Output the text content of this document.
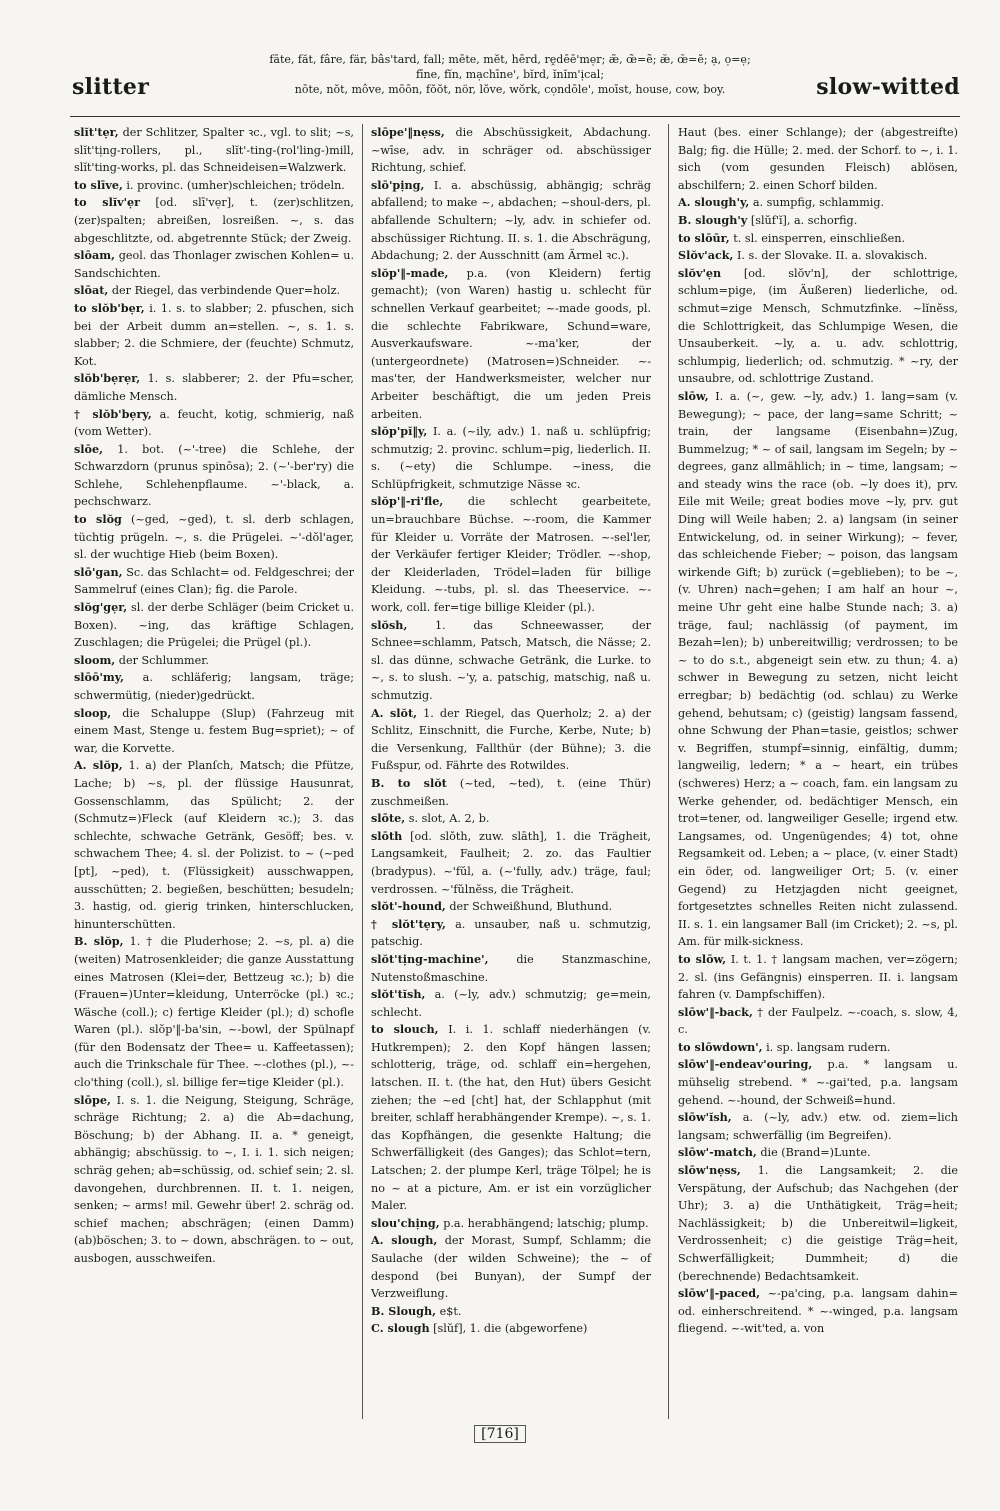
slitter
fāte, făt, fâre, fär, bâs'tard, fall; mēte, mĕt, hērd, rḙdēē'mẹr; æ̃, œ̃=ẽ; æ̆, œ̆=ĕ; ạ, ọ=ẹ;
fīne, fĭn, mạchīne', bĭrd, ĭnĭm'ịcal;
nōte, nŏt, môve, mōōn, fŏŏt, nör, lŏve, wŏrk, cọndōle', moīst, house, cow, boy.	slow-witted
slĭt'tẹr, der Schlitzer, Spalter ꝛc., vgl. to slit; ~s, slĭt'tịng-rollers, pl., slĭt'-ting-(rol'ling-)mill, slĭt'ting-works, pl. das Schneideisen=Walzwerk.
to slīve, i. provinc. (umher)schleichen; trödeln.
to slĭv'ẹr [od. slī'vẹr], t. (zer)schlitzen, (zer)spalten; abreißen, losreißen. ~, s. das abgeschlitzte, od. abgetrennte Stück; der Zweig.
slōam, geol. das Thonlager zwischen Kohlen= u. Sandschichten.
slōat, der Riegel, das verbindende Quer=holz.
to slŏb'bẹr, i. 1. s. to slabber; 2. pfuschen, sich bei der Arbeit dumm an=stellen. ~, s. 1. s. slabber; 2. die Schmiere, der (feuchte) Schmutz, Kot.
slŏb'bẹrẹr, 1. s. slabberer; 2. der Pfu=scher, dämliche Mensch.
† slŏb'bẹry, a. feucht, kotig, schmierig, naß (vom Wetter).
slōe, 1. bot. (~'-tree) die Schlehe, der Schwarzdorn (prunus spinōsa); 2. (~'-ber'ry) die Schlehe, Schlehenpflaume. ~'-black, a. pechschwarz.
to slŏg (~ged, ~ged), t. sl. derb schlagen, tüchtig prügeln. ~, s. die Prügelei. ~'-dŏl'ager, sl. der wuchtige Hieb (beim Boxen).
slō'gan, Sc. das Schlacht= od. Feldgeschrei; der Sammelruf (eines Clan); fig. die Parole.
slŏg'gẹr, sl. der derbe Schläger (beim Cricket u. Boxen). ~ing, das kräftige Schlagen, Zuschlagen; die Prügelei; die Prügel (pl.).
sloom, der Schlummer.
slōō'my, a. schläferig; langsam, träge; schwermütig, (nieder)gedrückt.
sloop, die Schaluppe (Slup) (Fahrzeug mit einem Mast, Stenge u. festem Bug=spriet); ~ of war, die Korvette.
A. slŏp, 1. a) der Planſch, Matsch; die Pfütze, Lache; b) ~s, pl. der flüssige Hausunrat, Gossenschlamm, das Spülicht; 2. der (Schmutz=)Fleck (auf Kleidern ꝛc.); 3. das schlechte, schwache Getränk, Gesöff; bes. v. schwachem Thee; 4. sl. der Polizist. to ~ (~ped [pt], ~ped), t. (Flüssigkeit) ausschwappen, ausschütten; 2. begießen, beschütten; besudeln; 3. hastig, od. gierig trinken, hinterschlucken, hinunterschütten.
B. slŏp, 1. † die Pluderhose; 2. ~s, pl. a) die (weiten) Matrosenkleider; die ganze Ausstattung eines Matrosen (Klei=der, Bettzeug ꝛc.); b) die (Frauen=)Unter=kleidung, Unterröcke (pl.) ꝛc.; Wäsche (coll.); c) fertige Kleider (pl.); d) schofle Waren (pl.). slŏp'‖-ba'sin, ~-bowl, der Spülnapf (für den Bodensatz der Thee= u. Kaffeetassen); auch die Trinkschale für Thee. ~-clothes (pl.), ~-clo'thing (coll.), sl. billige fer=tige Kleider (pl.).
slōpe, I. s. 1. die Neigung, Steigung, Schräge, schräge Richtung; 2. a) die Ab=dachung, Böschung; b) der Abhang. II. a. * geneigt, abhängig; abschüssig. to ~, I. i. 1. sich neigen; schräg gehen; ab=schüssig, od. schief sein; 2. sl. davongehen, durchbrennen. II. t. 1. neigen, senken; ~ arms! mil. Gewehr über! 2. schräg od. schief machen; abschrägen; (einen Damm) (ab)böschen; 3. to ~ down, abschrägen. to ~ out, ausbogen, ausschweifen.
slōpe'‖nẹss, die Abschüssigkeit, Abdachung. ~wīse, adv. in schräger od. abschüssiger Richtung, schief.
slō'pịng, I. a. abschüssig, abhängig; schräg abfallend; to make ~, abdachen; ~shoul-ders, pl. abfallende Schultern; ~ly, adv. in schiefer od. abschüssiger Richtung. II. s. 1. die Abschrägung, Abdachung; 2. der Ausschnitt (am Ärmel ꝛc.).
slŏp'‖-made, p.a. (von Kleidern) fertig gemacht); (von Waren) hastig u. schlecht für schnellen Verkauf gearbeitet; ~-made goods, pl. die schlechte Fabrikware, Schund=ware, Ausverkaufsware. ~-ma'ker, der (untergeordnete) (Matrosen=)Schneider. ~-mas'ter, der Handwerksmeister, welcher nur Arbeiter beschäftigt, die um jeden Preis arbeiten.
slŏp'pĭ‖y, I. a. (~ily, adv.) 1. naß u. schlüpfrig; schmutzig; 2. provinc. schlum=pig, liederlich. II. s. (~ety) die Schlumpe. ~iness, die Schlüpfrigkeit, schmutzige Nässe ꝛc.
slŏp'‖-ri'fle, die schlecht gearbeitete, un=brauchbare Büchse. ~-room, die Kammer für Kleider u. Vorräte der Matrosen. ~-sel'ler, der Verkäufer fertiger Kleider; Trödler. ~-shop, der Kleiderladen, Trödel=laden für billige Kleidung. ~-tubs, pl. sl. das Theeservice. ~-work, coll. fer=tige billige Kleider (pl.).
slŏsh, 1. das Schneewasser, der Schnee=schlamm, Patsch, Matsch, die Nässe; 2. sl. das dünne, schwache Getränk, die Lurke. to ~, s. to slush. ~'y, a. patschig, matschig, naß u. schmutzig.
A. slŏt, 1. der Riegel, das Querholz; 2. a) der Schlitz, Einschnitt, die Furche, Kerbe, Nute; b) die Versenkung, Fallthür (der Bühne); 3. die Fußspur, od. Fährte des Rotwildes.
B. to slŏt (~ted, ~ted), t. (eine Thür) zuschmeißen.
slōte, s. slot, A. 2, b.
slōth [od. slŏth, zuw. slāth], 1. die Trägheit, Langsamkeit, Faulheit; 2. zo. das Faultier (bradypus). ~'fŭl, a. (~'fully, adv.) träge, faul; verdrossen. ~'fŭlnĕss, die Trägheit.
slŏt'-hound, der Schweißhund, Bluthund.
† slŏt'tẹry, a. unsauber, naß u. schmutzig, patschig.
slŏt'tịng-machine', die Stanzmaschine, Nutenstoßmaschine.
slŏt'tĭsh, a. (~ly, adv.) schmutzig; ge=mein, schlecht.
to slouch, I. i. 1. schlaff niederhängen (v. Hutkrempen); 2. den Kopf hängen lassen; schlotterig, träge, od. schlaff ein=hergehen, latschen. II. t. (the hat, den Hut) übers Gesicht ziehen; the ~ed [cht] hat, der Schlapphut (mit breiter, schlaff herabhängender Krempe). ~, s. 1. das Kopfhängen, die gesenkte Haltung; die Schwerfälligkeit (des Ganges); das Schlot=tern, Latschen; 2. der plumpe Kerl, träge Tölpel; he is no ~ at a picture, Am. er ist ein vorzüglicher Maler.
slou'chịng, p.a. herabhängend; latschig; plump.
A. slough, der Morast, Sumpf, Schlamm; die Saulache (der wilden Schweine); the ~ of despond (bei Bunyan), der Sumpf der Verzweiflung.
B. Slough, e$t.
C. slough [slŭf], 1. die (abgeworfene)
Haut (bes. einer Schlange); der (abgestreifte) Balg; fig. die Hülle; 2. med. der Schorf. to ~, i. 1. sich (vom gesunden Fleisch) ablösen, abschilfern; 2. einen Schorf bilden.
A. slough'y, a. sumpfig, schlammig.
B. slough'y [slŭf'ĭ], a. schorfig.
to slōūr, t. sl. einsperren, einschließen.
Slŏv'ack, I. s. der Slovake. II. a. slovakisch.
slŏv'ẹn [od. slŏv'n], der schlottrige, schlum=pige, (im Äußeren) liederliche, od. schmut=zige Mensch, Schmutzfinke. ~lĭnĕss, die Schlottrigkeit, das Schlumpige Wesen, die Unsauberkeit. ~ly, a. u. adv. schlottrig, schlumpig, liederlich; od. schmutzig. * ~ry, der unsaubre, od. schlottrige Zustand.
slōw, I. a. (~, gew. ~ly, adv.) 1. lang=sam (v. Bewegung); ~ pace, der lang=same Schritt; ~ train, der langsame (Eisenbahn=)Zug, Bummelzug; * ~ of sail, langsam im Segeln; by ~ degrees, ganz allmählich; in ~ time, langsam; ~ and steady wins the race (ob. ~ly does it), prv. Eile mit Weile; great bodies move ~ly, prv. gut Ding will Weile haben; 2. a) langsam (in seiner Entwickelung, od. in seiner Wirkung); ~ fever, das schleichende Fieber; ~ poison, das langsam wirkende Gift; b) zurück (=geblieben); to be ~, (v. Uhren) nach=gehen; I am half an hour ~, meine Uhr geht eine halbe Stunde nach; 3. a) träge, faul; nachlässig (of payment, im Bezah=len); b) unbereitwillig; verdrossen; to be ~ to do s.t., abgeneigt sein etw. zu thun; 4. a) schwer in Bewegung zu setzen, nicht leicht erregbar; b) bedächtig (od. schlau) zu Werke gehend, behutsam; c) (geistig) langsam fassend, ohne Schwung der Phan=tasie, geistlos; schwer v. Begriffen, stumpf=sinnig, einfältig, dumm; langweilig, ledern; * a ~ heart, ein trübes (schweres) Herz; a ~ coach, fam. ein langsam zu Werke gehender, od. bedächtiger Mensch, ein trot=tener, od. langweiliger Geselle; irgend etw. Langsames, od. Ungenügendes; 4) tot, ohne Regsamkeit od. Leben; a ~ place, (v. einer Stadt) ein öder, od. langweiliger Ort; 5. (v. einer Gegend) zu Hetzjagden nicht geeignet, fortgesetztes schnelles Reiten nicht zulassend. II. s. 1. ein langsamer Ball (im Cricket); 2. ~s, pl. Am. für milk-sickness.
to slōw, I. t. 1. † langsam machen, ver=zögern; 2. sl. (ins Gefängnis) einsperren. II. i. langsam fahren (v. Dampfschiffen).
slōw'‖-back, † der Faulpelz. ~-coach, s. slow, 4, c.
to slōwdown', i. sp. langsam rudern.
slōw'‖-endeav'ouring, p.a. * langsam u. mühselig strebend. * ~-gai'ted, p.a. langsam gehend. ~-hound, der Schweiß=hund.
slōw'ĭsh, a. (~ly, adv.) etw. od. ziem=lich langsam; schwerfällig (im Begreifen).
slōw'-match, die (Brand=)Lunte.
slōw'nẹss, 1. die Langsamkeit; 2. die Verspätung, der Aufschub; das Nachgehen (der Uhr); 3. a) die Unthätigkeit, Träg=heit; Nachlässigkeit; b) die Unbereitwil=ligkeit, Verdrossenheit; c) die geistige Träg=heit, Schwerfälligkeit; Dummheit; d) die (berechnende) Bedachtsamkeit.
slōw'‖-paced, ~-pa'cing, p.a. langsam dahin= od. einherschreitend. * ~-winged, p.a. langsam fliegend. ~-wit'ted, a. von
[716]
